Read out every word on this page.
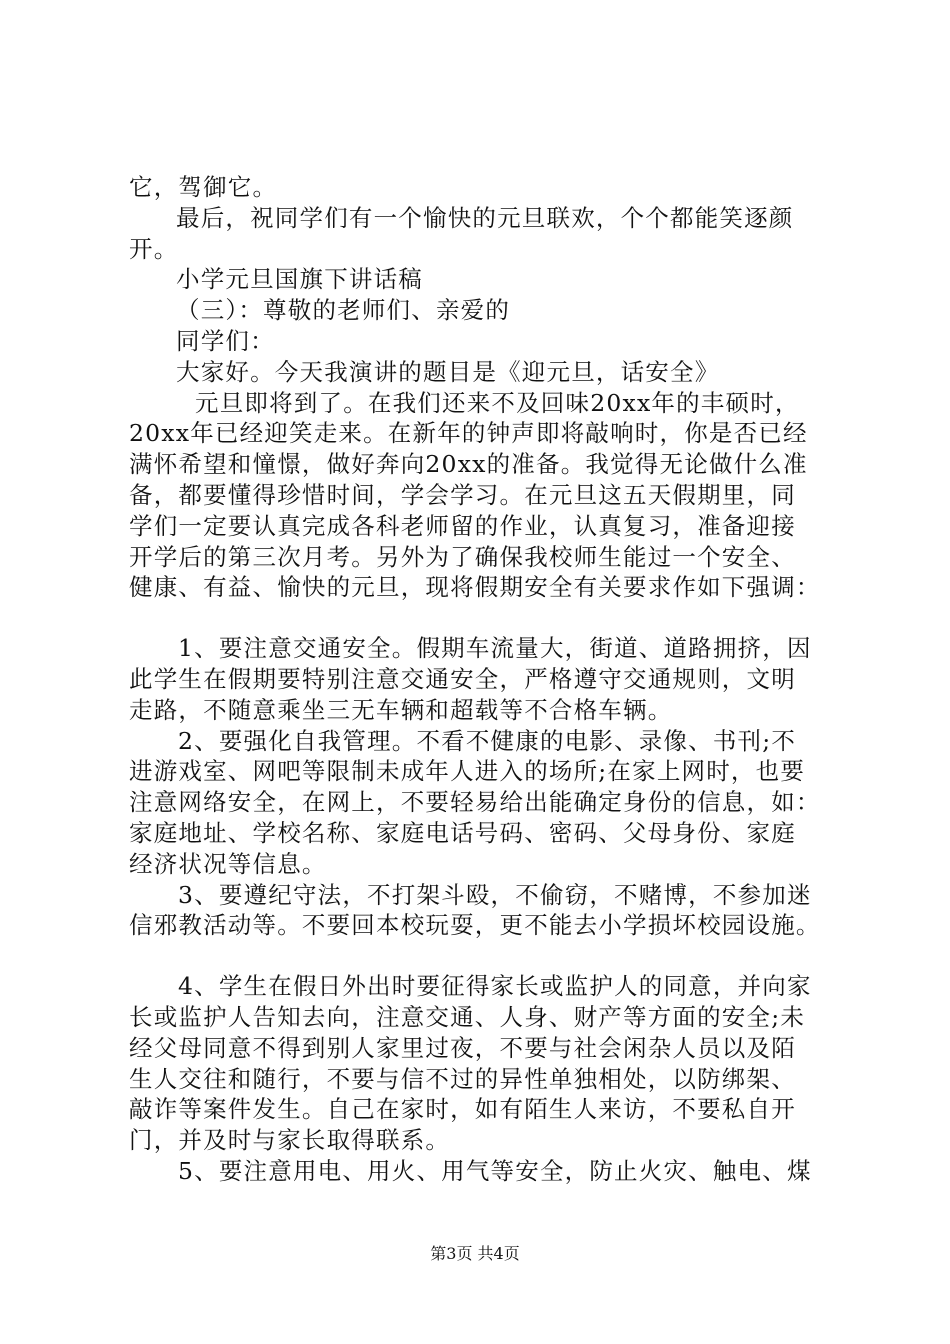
它，驾御它。
最后，祝同学们有一个愉快的元旦联欢，个个都能笑逐颜
开。
小学元旦国旗下讲话稿
（三）：尊敬的老师们、亲爱的
同学们：
大家好。今天我演讲的题目是《迎元旦，话安全》
元旦即将到了。在我们还来不及回味20xx年的丰硕时，
20xx年已经迎笑走来。在新年的钟声即将敲响时，你是否已经
满怀希望和憧憬，做好奔向20xx的准备。我觉得无论做什么准
备，都要懂得珍惜时间，学会学习。在元旦这五天假期里，同
学们一定要认真完成各科老师留的作业，认真复习，准备迎接
开学后的第三次月考。另外为了确保我校师生能过一个安全、
健康、有益、愉快的元旦，现将假期安全有关要求作如下强调：
1、要注意交通安全。假期车流量大，街道、道路拥挤，因
此学生在假期要特别注意交通安全，严格遵守交通规则，文明
走路，不随意乘坐三无车辆和超载等不合格车辆。
2、要强化自我管理。不看不健康的电影、录像、书刊;不
进游戏室、网吧等限制未成年人进入的场所;在家上网时，也要
注意网络安全，在网上，不要轻易给出能确定身份的信息，如：
家庭地址、学校名称、家庭电话号码、密码、父母身份、家庭
经济状况等信息。
3、要遵纪守法，不打架斗殴，不偷窃，不赌博，不参加迷
信邪教活动等。不要回本校玩耍，更不能去小学损坏校园设施。
4、学生在假日外出时要征得家长或监护人的同意，并向家
长或监护人告知去向，注意交通、人身、财产等方面的安全;未
经父母同意不得到别人家里过夜，不要与社会闲杂人员以及陌
生人交往和随行，不要与信不过的异性单独相处，以防绑架、
敲诈等案件发生。自己在家时，如有陌生人来访，不要私自开
门，并及时与家长取得联系。
5、要注意用电、用火、用气等安全，防止火灾、触电、煤
第3页 共4页
